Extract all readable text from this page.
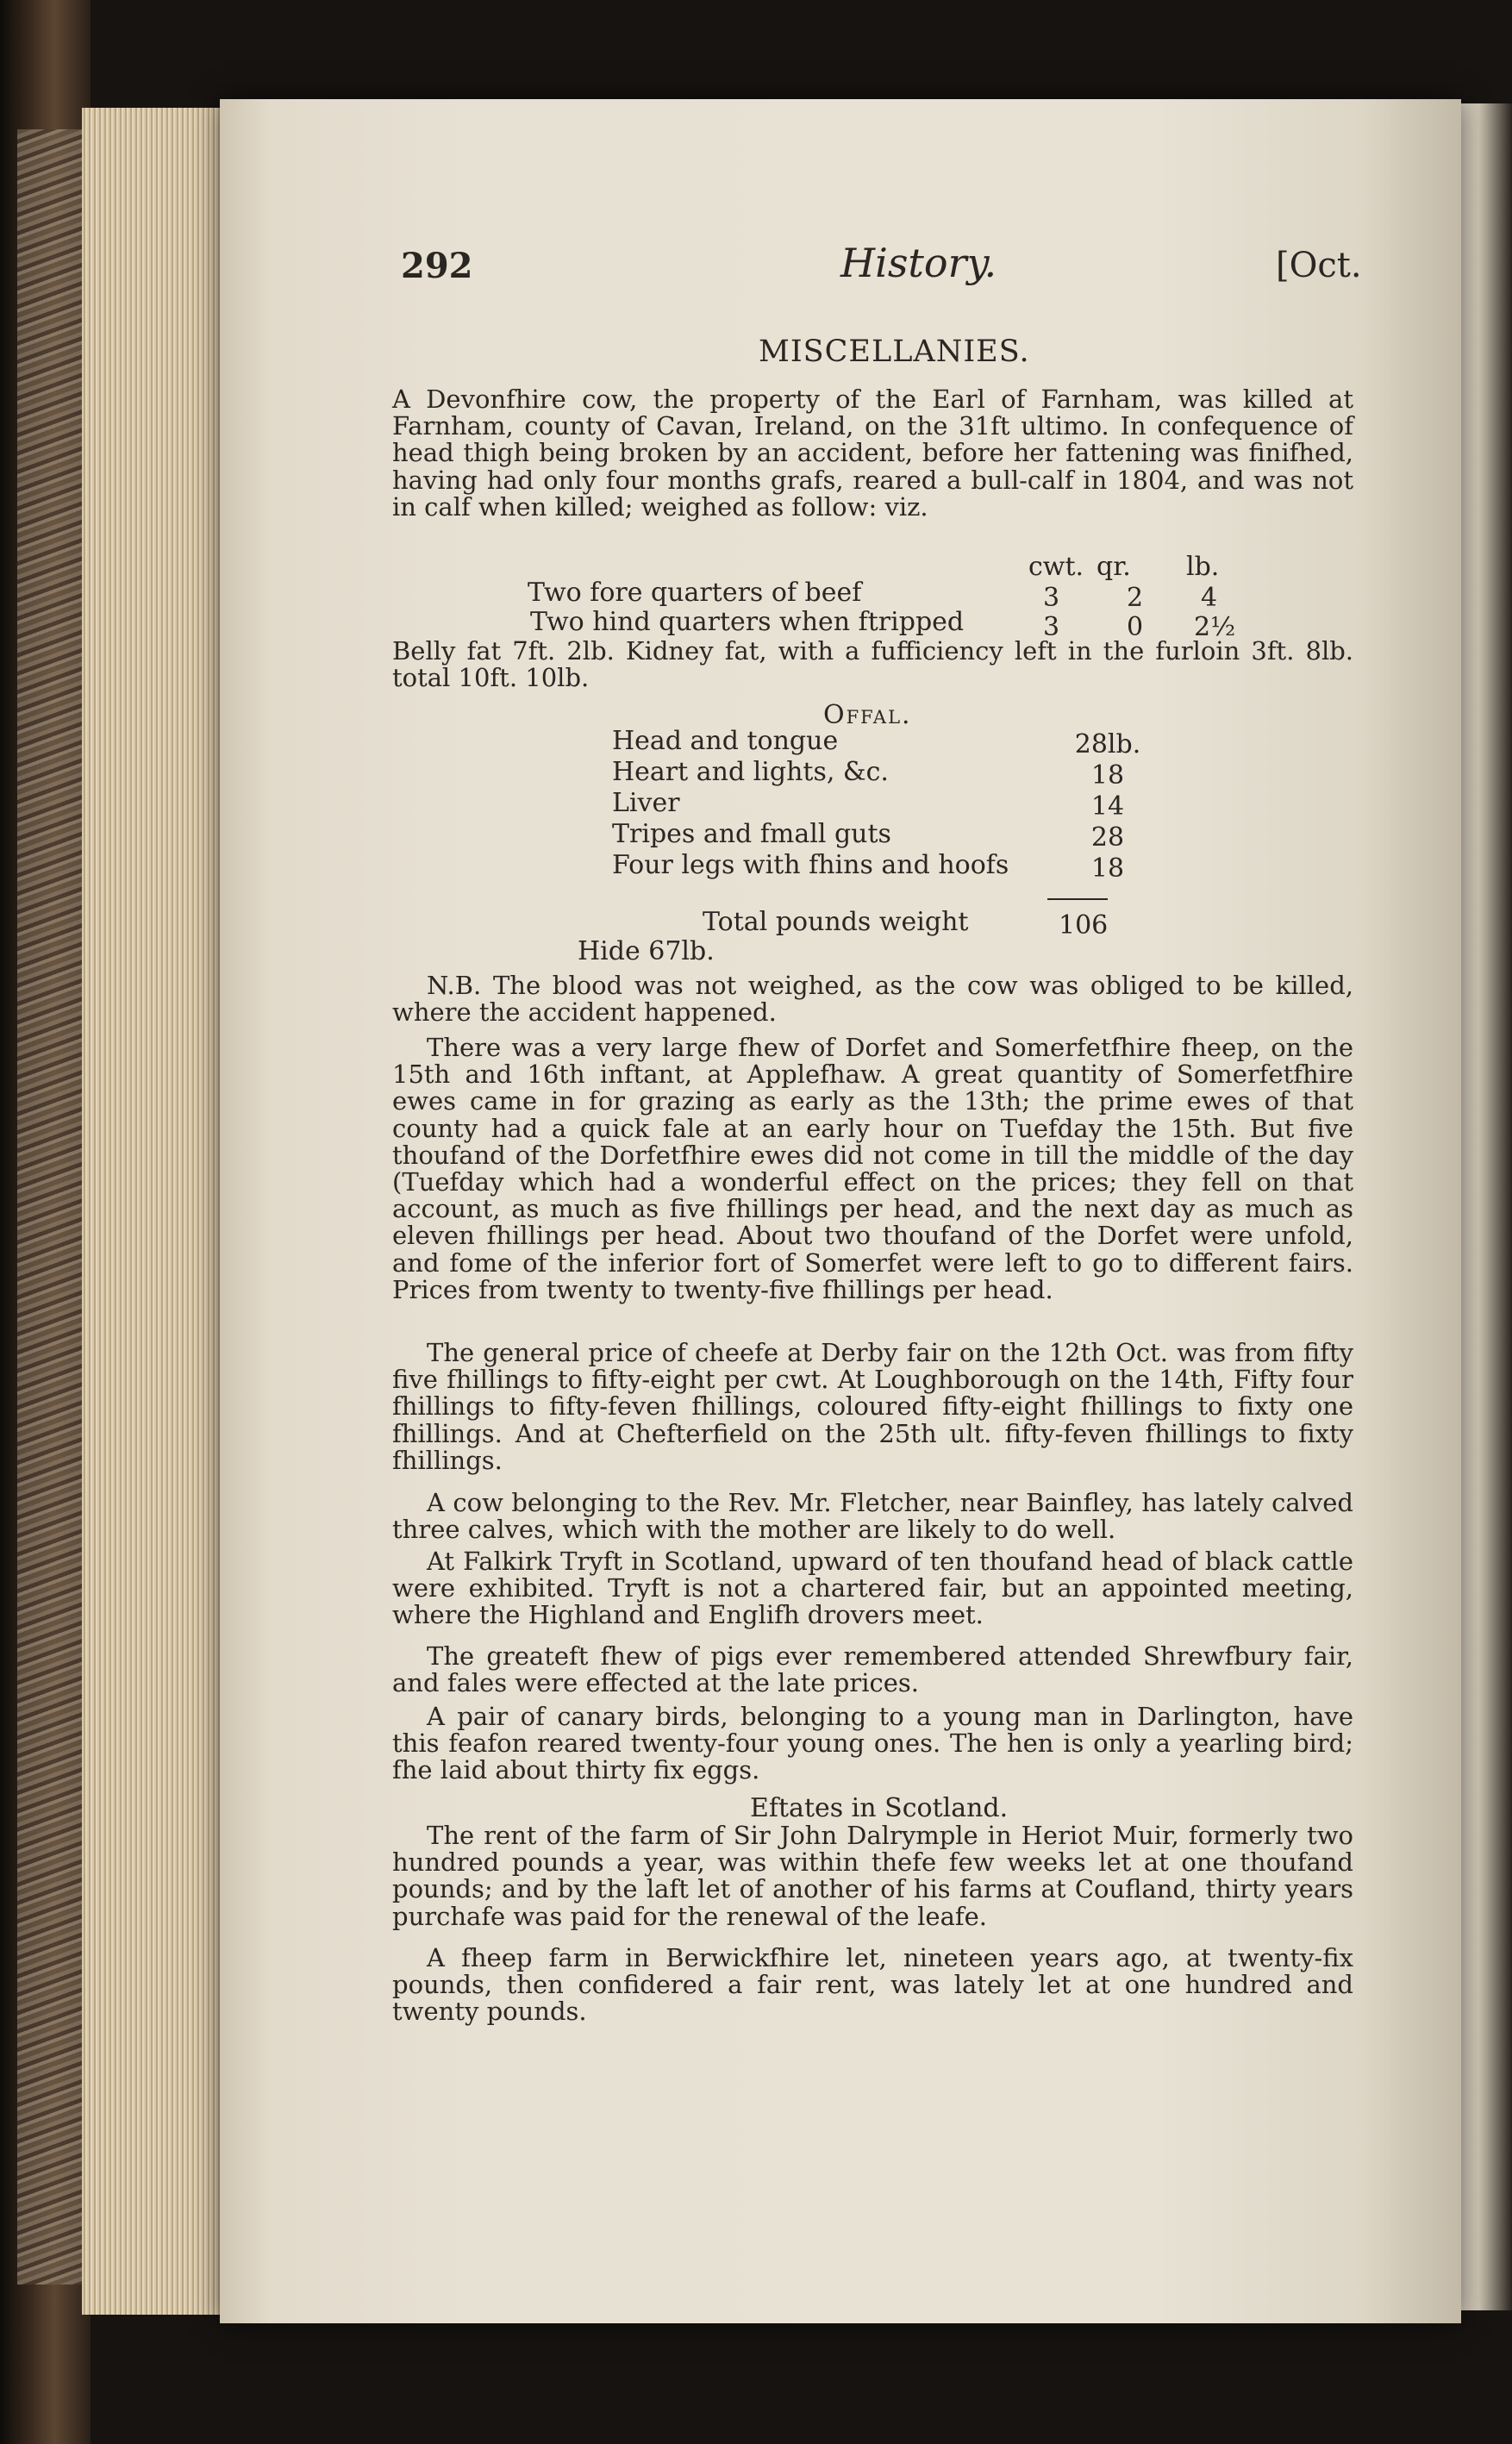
292	History.	[Oct.
MISCELLANIES.
A Devonfhire cow, the property of the Earl of Farnham, was killed at Farnham, county of Cavan, Ireland, on the 31ft ultimo. In confequence of head thigh being broken by an accident, before her fattening was finifhed, having had only four months grafs, reared a bull-calf in 1804, and was not in calf when killed; weighed as follow: viz.
cwt. qr. lb.
Two fore quarters of beef	3	2 4
Two hind quarters when ftripped	3	0 2½
Belly fat 7ft. 2lb. Kidney fat, with a fufficiency left in the furloin 3ft. 8lb. total 10ft. 10lb.
Offal.
Head and tongue	28lb.
Heart and lights, &c.	18
Liver	14
Tripes and fmall guts	28
Four legs with fhins and hoofs	18
Total pounds weight	106
Hide 67lb.
N.B. The blood was not weighed, as the cow was obliged to be killed, where the accident happened.
There was a very large fhew of Dorfet and Somerfetfhire fheep, on the 15th and 16th inftant, at Applefhaw. A great quantity of Somerfetfhire ewes came in for grazing as early as the 13th; the prime ewes of that county had a quick fale at an early hour on Tuefday the 15th. But five thoufand of the Dorfetfhire ewes did not come in till the middle of the day (Tuefday which had a wonderful effect on the prices; they fell on that account, as much as five fhillings per head, and the next day as much as eleven fhillings per head. About two thoufand of the Dorfet were unfold, and fome of the inferior fort of Somerfet were left to go to different fairs. Prices from twenty to twenty-five fhillings per head.
The general price of cheefe at Derby fair on the 12th Oct. was from fifty five fhillings to fifty-eight per cwt. At Loughborough on the 14th, Fifty four fhillings to fifty-feven fhillings, coloured fifty-eight fhillings to fixty one fhillings. And at Chefterfield on the 25th ult. fifty-feven fhillings to fixty fhillings.
A cow belonging to the Rev. Mr. Fletcher, near Bainfley, has lately calved three calves, which with the mother are likely to do well.
At Falkirk Tryft in Scotland, upward of ten thoufand head of black cattle were exhibited. Tryft is not a chartered fair, but an appointed meeting, where the Highland and Englifh drovers meet.
The greateft fhew of pigs ever remembered attended Shrewfbury fair, and fales were effected at the late prices.
A pair of canary birds, belonging to a young man in Darlington, have this feafon reared twenty-four young ones. The hen is only a yearling bird; fhe laid about thirty fix eggs.
Eftates in Scotland.
The rent of the farm of Sir John Dalrymple in Heriot Muir, formerly two hundred pounds a year, was within thefe few weeks let at one thoufand pounds; and by the laft let of another of his farms at Coufland, thirty years purchafe was paid for the renewal of the leafe.
A fheep farm in Berwickfhire let, nineteen years ago, at twenty-fix pounds, then confidered a fair rent, was lately let at one hundred and twenty pounds.
